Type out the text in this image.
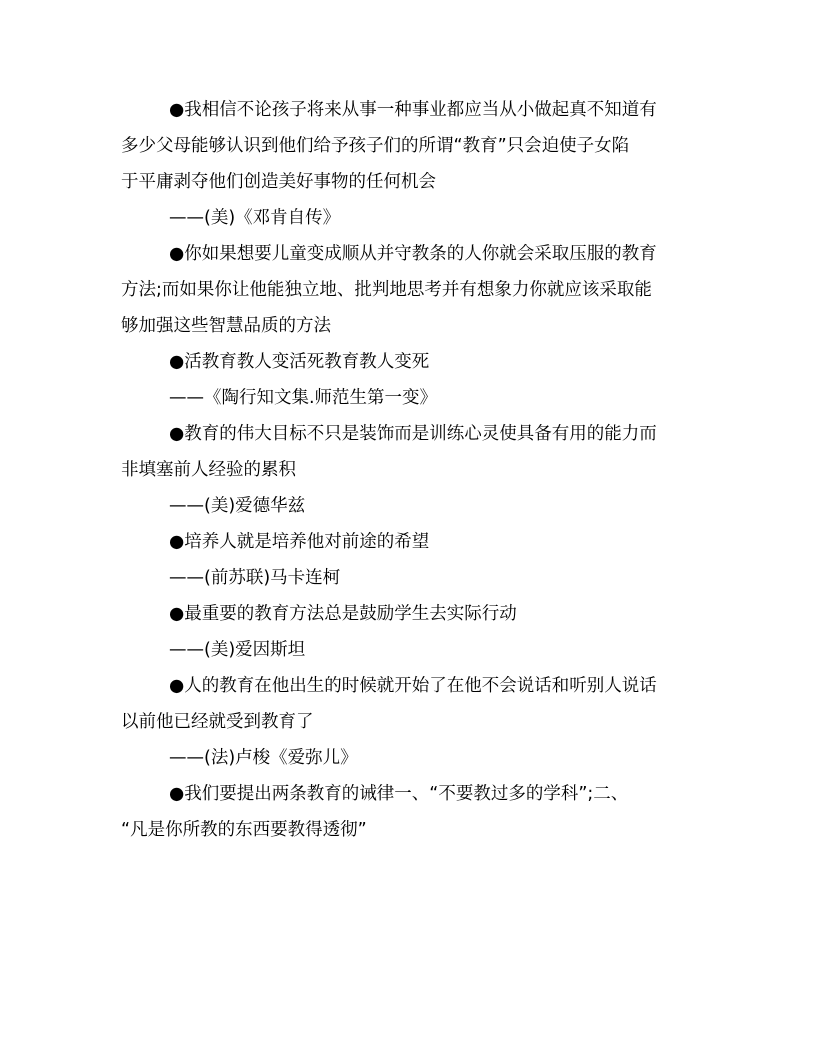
●我相信不论孩子将来从事一种事业都应当从小做起真不知道有
多少父母能够认识到他们给予孩子们的所谓“教育”只会迫使子女陷
于平庸剥夺他们创造美好事物的任何机会
——(美)《邓肯自传》
●你如果想要儿童变成顺从并守教条的人你就会采取压服的教育
方法;而如果你让他能独立地、批判地思考并有想象力你就应该采取能
够加强这些智慧品质的方法
●活教育教人变活死教育教人变死
——《陶行知文集.师范生第一变》
●教育的伟大目标不只是装饰而是训练心灵使具备有用的能力而
非填塞前人经验的累积
——(美)爱德华兹
●培养人就是培养他对前途的希望
——(前苏联)马卡连柯
●最重要的教育方法总是鼓励学生去实际行动
——(美)爱因斯坦
●人的教育在他出生的时候就开始了在他不会说话和听别人说话
以前他已经就受到教育了
——(法)卢梭《爱弥儿》
●我们要提出两条教育的诫律一、“不要教过多的学科”;二、
“凡是你所教的东西要教得透彻”
